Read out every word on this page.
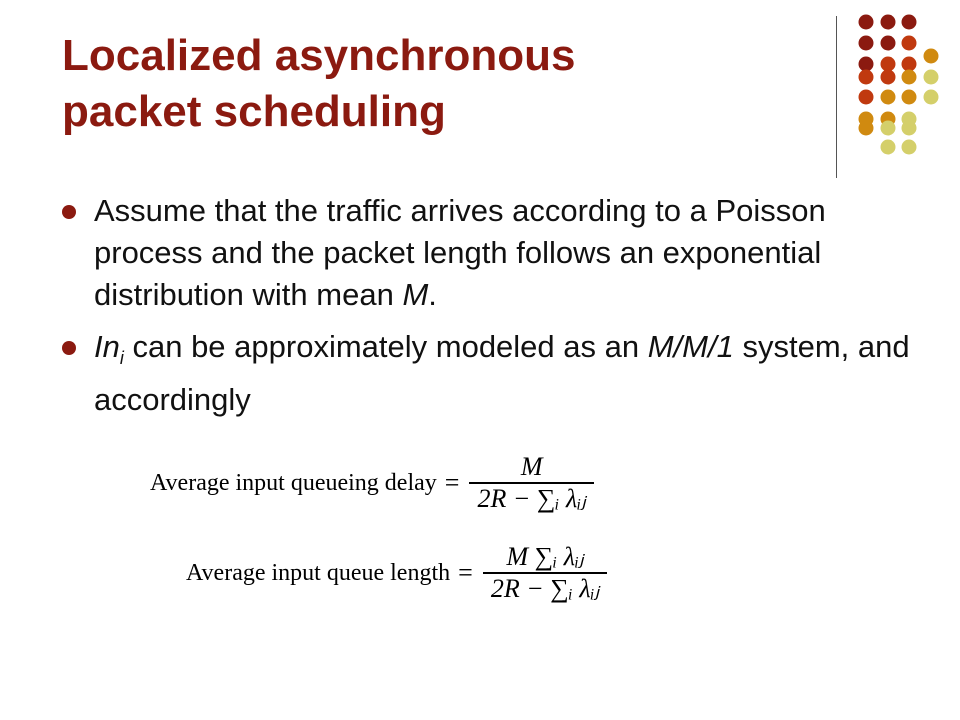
Localized asynchronous
packet scheduling
Assume that the traffic arrives according to a Poisson process and the packet length follows an exponential distribution with mean M.
$In_i$ can be approximately modeled as an M/M/1 system, and accordingly
Average input queueing delay = $\frac{M}{\text{2R − ∑ᵢ λᵢⱼ}}$
Average input queue length = $\frac{\text{M ∑ᵢ λᵢⱼ}}{\text{2R − ∑ᵢ λᵢⱼ}}$
